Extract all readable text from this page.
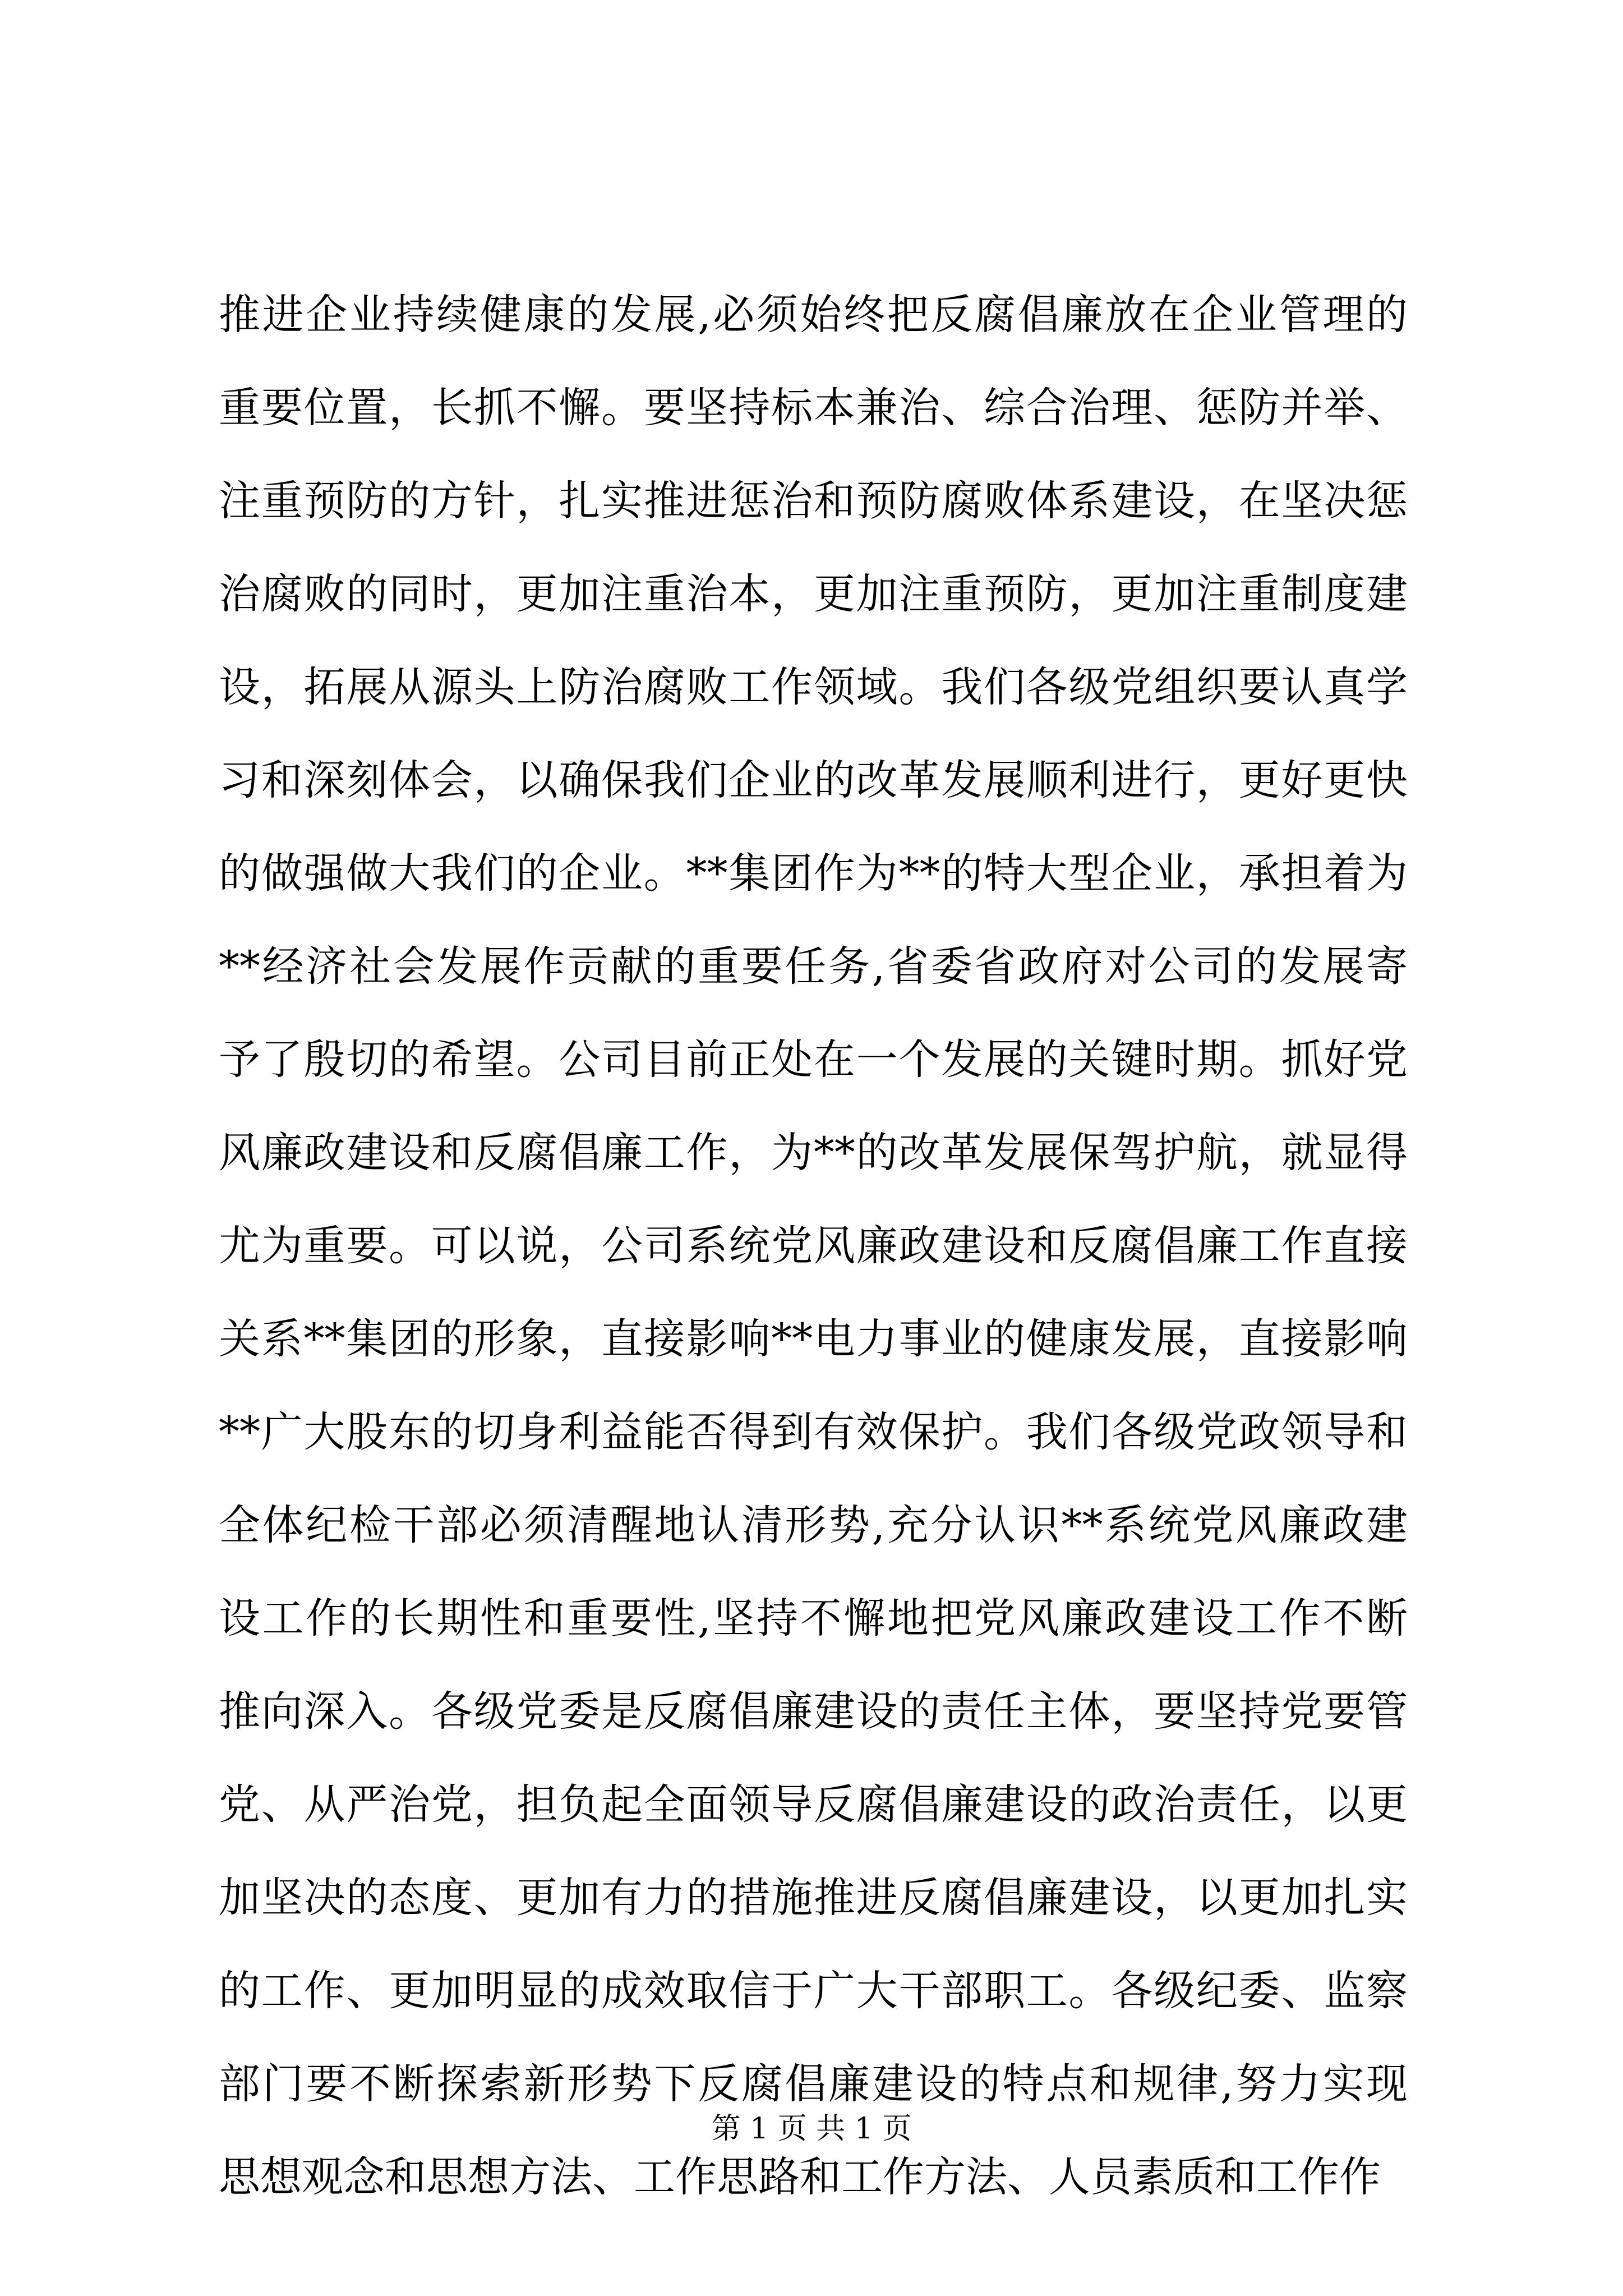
推进企业持续健康的发展,必须始终把反腐倡廉放在企业管理的
重要位置，长抓不懈。要坚持标本兼治、综合治理、惩防并举、
注重预防的方针，扎实推进惩治和预防腐败体系建设，在坚决惩
治腐败的同时，更加注重治本，更加注重预防，更加注重制度建
设，拓展从源头上防治腐败工作领域。我们各级党组织要认真学
习和深刻体会，以确保我们企业的改革发展顺利进行，更好更快
的做强做大我们的企业。**集团作为**的特大型企业，承担着为
**经济社会发展作贡献的重要任务,省委省政府对公司的发展寄
予了殷切的希望。公司目前正处在一个发展的关键时期。抓好党
风廉政建设和反腐倡廉工作，为**的改革发展保驾护航，就显得
尤为重要。可以说，公司系统党风廉政建设和反腐倡廉工作直接
关系**集团的形象，直接影响**电力事业的健康发展，直接影响
**广大股东的切身利益能否得到有效保护。我们各级党政领导和
全体纪检干部必须清醒地认清形势,充分认识**系统党风廉政建
设工作的长期性和重要性,坚持不懈地把党风廉政建设工作不断
推向深入。各级党委是反腐倡廉建设的责任主体，要坚持党要管
党、从严治党，担负起全面领导反腐倡廉建设的政治责任，以更
加坚决的态度、更加有力的措施推进反腐倡廉建设，以更加扎实
的工作、更加明显的成效取信于广大干部职工。各级纪委、监察
部门要不断探索新形势下反腐倡廉建设的特点和规律,努力实现
思想观念和思想方法、工作思路和工作方法、人员素质和工作作
第 1 页 共 1 页
